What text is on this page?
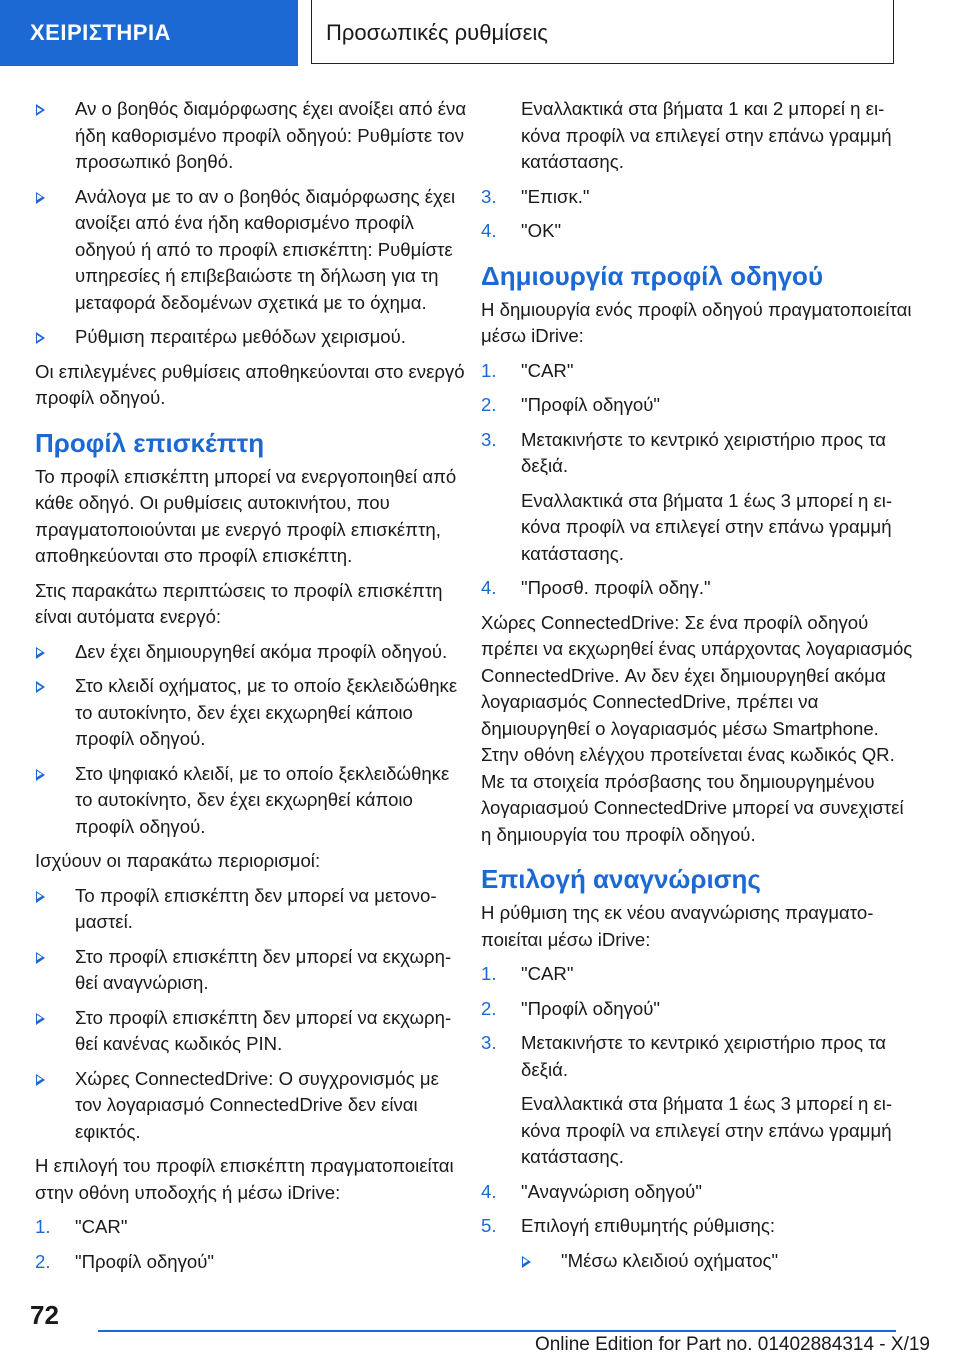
ΧΕΙΡΙΣΤΗΡΙΑ	Προσωπικές ρυθμίσεις
Αν ο βοηθός διαμόρφωσης έχει ανοίξει από ένα ήδη καθορισμένο προφίλ οδηγού: Ρυθμίστε τον προσωπικό βοηθό.
Ανάλογα με το αν ο βοηθός διαμόρφωσης έχει ανοίξει από ένα ήδη καθορισμένο προφίλ οδηγού ή από το προφίλ επισκέπτη: Ρυθμίστε υπηρεσίες ή επιβεβαιώστε τη δήλωση για τη μεταφορά δεδομένων σχετικά με το όχημα.
Ρύθμιση περαιτέρω μεθόδων χειρισμού.

Οι επιλεγμένες ρυθμίσεις αποθηκεύονται στο ενεργό προφίλ οδηγού.

Προφίλ επισκέπτη

Το προφίλ επισκέπτη μπορεί να ενεργοποιηθεί από κάθε οδηγό. Οι ρυθμίσεις αυτοκινήτου, που πραγματοποιούνται με ενεργό προφίλ επισκέπτη, αποθηκεύονται στο προφίλ επισκέπτη.

Στις παρακάτω περιπτώσεις το προφίλ επισκέπτη είναι αυτόματα ενεργό:

Δεν έχει δημιουργηθεί ακόμα προφίλ οδηγού.
Στο κλειδί οχήματος, με το οποίο ξεκλειδώθηκε το αυτοκίνητο, δεν έχει εκχωρηθεί κάποιο προφίλ οδηγού.
Στο ψηφιακό κλειδί, με το οποίο ξεκλειδώθηκε το αυτοκίνητο, δεν έχει εκχωρηθεί κάποιο προφίλ οδηγού.

Ισχύουν οι παρακάτω περιορισμοί:

Το προφίλ επισκέπτη δεν μπορεί να μετονομαστεί.
Στο προφίλ επισκέπτη δεν μπορεί να εκχωρηθεί αναγνώριση.
Στο προφίλ επισκέπτη δεν μπορεί να εκχωρηθεί κανένας κωδικός PIN.
Χώρες ConnectedDrive: Ο συγχρονισμός με τον λογαριασμό ConnectedDrive δεν είναι εφικτός.

Η επιλογή του προφίλ επισκέπτη πραγματοποιείται στην οθόνη υποδοχής ή μέσω iDrive:

1. "CAR"
2. "Προφίλ οδηγού"

Εναλλακτικά στα βήματα 1 και 2 μπορεί η εικόνα προφίλ να επιλεγεί στην επάνω γραμμή κατάστασης.

3. "Επισκ."
4. "OK"
Δημιουργία προφίλ οδηγού

Η δημιουργία ενός προφίλ οδηγού πραγματοποιείται μέσω iDrive:

1. "CAR"
2. "Προφίλ οδηγού"
3. Μετακινήστε το κεντρικό χειριστήριο προς τα δεξιά.
Εναλλακτικά στα βήματα 1 έως 3 μπορεί η εικόνα προφίλ να επιλεγεί στην επάνω γραμμή κατάστασης.
4. "Προσθ. προφίλ οδηγ."

Χώρες ConnectedDrive: Σε ένα προφίλ οδηγού πρέπει να εκχωρηθεί ένας υπάρχοντας λογαριασμός ConnectedDrive. Αν δεν έχει δημιουργηθεί ακόμα λογαριασμός ConnectedDrive, πρέπει να δημιουργηθεί ο λογαριασμός μέσω Smartphone. Στην οθόνη ελέγχου προτείνεται ένας κωδικός QR. Με τα στοιχεία πρόσβασης του δημιουργημένου λογαριασμού ConnectedDrive μπορεί να συνεχιστεί η δημιουργία του προφίλ οδηγού.

Επιλογή αναγνώρισης

Η ρύθμιση της εκ νέου αναγνώρισης πραγματοποιείται μέσω iDrive:

1. "CAR"
2. "Προφίλ οδηγού"
3. Μετακινήστε το κεντρικό χειριστήριο προς τα δεξιά.
Εναλλακτικά στα βήματα 1 έως 3 μπορεί η εικόνα προφίλ να επιλεγεί στην επάνω γραμμή κατάστασης.
4. "Αναγνώριση οδηγού"
5. Επιλογή επιθυμητής ρύθμισης:
"Μέσω κλειδιού οχήματος"
72
Online Edition for Part no. 01402884314 - X/19
